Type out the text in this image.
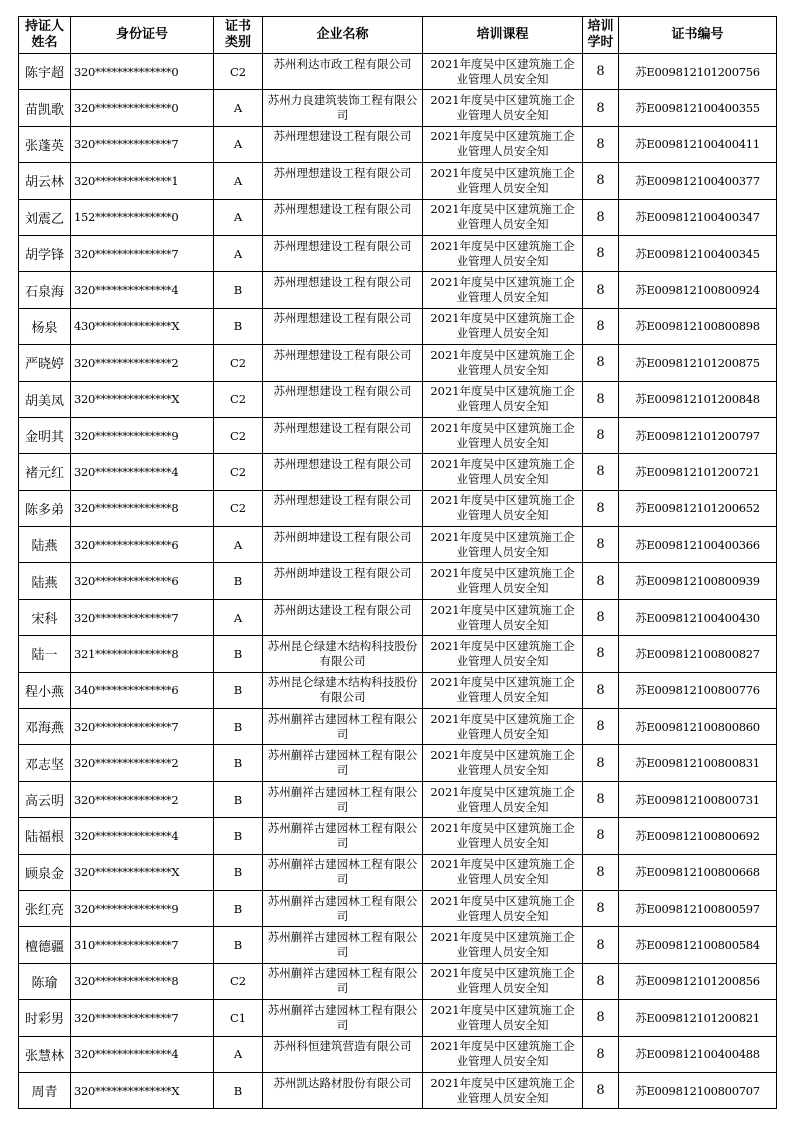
持证人姓名	身份证号	证书类别	企业名称	培训课程	培训学时	证书编号
陈宇超	320**************0	C2	苏州利达市政工程有限公司	2021年度吴中区建筑施工企业管理人员安全知	8	苏E009812101200756
苗凯歌	320**************0	A	苏州力良建筑装饰工程有限公司	2021年度吴中区建筑施工企业管理人员安全知	8	苏E009812100400355
张蓬英	320**************7	A	苏州理想建设工程有限公司	2021年度吴中区建筑施工企业管理人员安全知	8	苏E009812100400411
胡云林	320**************1	A	苏州理想建设工程有限公司	2021年度吴中区建筑施工企业管理人员安全知	8	苏E009812100400377
刘震乙	152**************0	A	苏州理想建设工程有限公司	2021年度吴中区建筑施工企业管理人员安全知	8	苏E009812100400347
胡学锋	320**************7	A	苏州理想建设工程有限公司	2021年度吴中区建筑施工企业管理人员安全知	8	苏E009812100400345
石泉海	320**************4	B	苏州理想建设工程有限公司	2021年度吴中区建筑施工企业管理人员安全知	8	苏E009812100800924
杨泉	430**************X	B	苏州理想建设工程有限公司	2021年度吴中区建筑施工企业管理人员安全知	8	苏E009812100800898
严晓婷	320**************2	C2	苏州理想建设工程有限公司	2021年度吴中区建筑施工企业管理人员安全知	8	苏E009812101200875
胡美凤	320**************X	C2	苏州理想建设工程有限公司	2021年度吴中区建筑施工企业管理人员安全知	8	苏E009812101200848
金明其	320**************9	C2	苏州理想建设工程有限公司	2021年度吴中区建筑施工企业管理人员安全知	8	苏E009812101200797
褚元红	320**************4	C2	苏州理想建设工程有限公司	2021年度吴中区建筑施工企业管理人员安全知	8	苏E009812101200721
陈多弟	320**************8	C2	苏州理想建设工程有限公司	2021年度吴中区建筑施工企业管理人员安全知	8	苏E009812101200652
陆燕	320**************6	A	苏州朗坤建设工程有限公司	2021年度吴中区建筑施工企业管理人员安全知	8	苏E009812100400366
陆燕	320**************6	B	苏州朗坤建设工程有限公司	2021年度吴中区建筑施工企业管理人员安全知	8	苏E009812100800939
宋科	320**************7	A	苏州朗达建设工程有限公司	2021年度吴中区建筑施工企业管理人员安全知	8	苏E009812100400430
陆一	321**************8	B	苏州昆仑绿建木结构科技股份有限公司	2021年度吴中区建筑施工企业管理人员安全知	8	苏E009812100800827
程小燕	340**************6	B	苏州昆仑绿建木结构科技股份有限公司	2021年度吴中区建筑施工企业管理人员安全知	8	苏E009812100800776
邓海燕	320**************7	B	苏州蒯祥古建园林工程有限公司	2021年度吴中区建筑施工企业管理人员安全知	8	苏E009812100800860
邓志坚	320**************2	B	苏州蒯祥古建园林工程有限公司	2021年度吴中区建筑施工企业管理人员安全知	8	苏E009812100800831
高云明	320**************2	B	苏州蒯祥古建园林工程有限公司	2021年度吴中区建筑施工企业管理人员安全知	8	苏E009812100800731
陆福根	320**************4	B	苏州蒯祥古建园林工程有限公司	2021年度吴中区建筑施工企业管理人员安全知	8	苏E009812100800692
顾泉金	320**************X	B	苏州蒯祥古建园林工程有限公司	2021年度吴中区建筑施工企业管理人员安全知	8	苏E009812100800668
张红亮	320**************9	B	苏州蒯祥古建园林工程有限公司	2021年度吴中区建筑施工企业管理人员安全知	8	苏E009812100800597
檀德疆	310**************7	B	苏州蒯祥古建园林工程有限公司	2021年度吴中区建筑施工企业管理人员安全知	8	苏E009812100800584
陈瑜	320**************8	C2	苏州蒯祥古建园林工程有限公司	2021年度吴中区建筑施工企业管理人员安全知	8	苏E009812101200856
时彩男	320**************7	C1	苏州蒯祥古建园林工程有限公司	2021年度吴中区建筑施工企业管理人员安全知	8	苏E009812101200821
张慧林	320**************4	A	苏州科恒建筑营造有限公司	2021年度吴中区建筑施工企业管理人员安全知	8	苏E009812100400488
周青	320**************X	B	苏州凯达路材股份有限公司	2021年度吴中区建筑施工企业管理人员安全知	8	苏E009812100800707
